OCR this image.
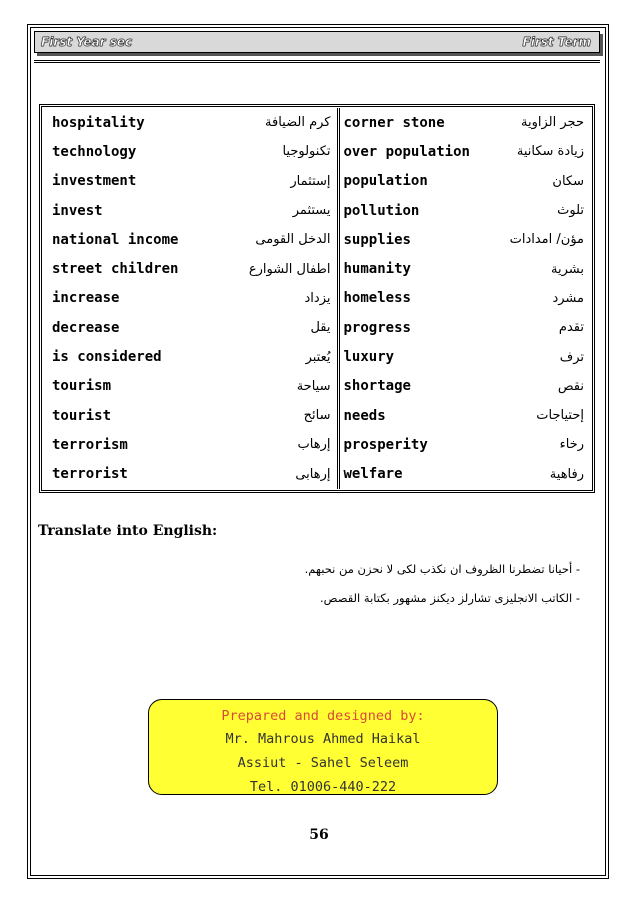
First Year sec	First Term
hospitality	كرم الضيافة	corner stone	حجر الزاوية
technology	تكنولوجيا	over population	زيادة سكانية
investment	إستثمار	population	سكان
invest	يستثمر	pollution	تلوث
national income	الدخل القومى	supplies	مؤن/ امدادات
street children	اطفال الشوارع	humanity	بشرية
increase	يزداد	homeless	مشرد
decrease	يقل	progress	تقدم
is considered	يُعتبر	luxury	ترف
tourism	سياحة	shortage	نقص
tourist	سائح	needs	إحتياجات
terrorism	إرهاب	prosperity	رخاء
terrorist	إرهابى	welfare	رفاهية
Translate into English:
- أحيانا تضطرنا الظروف ان نكذب لكى لا نحزن من نحبهم.
- الكاتب الانجليزى تشارلز ديكنز مشهور بكتابة القصص.
Prepared and designed by:
Mr. Mahrous Ahmed Haikal
Assiut - Sahel Seleem
Tel. 01006-440-222
56
